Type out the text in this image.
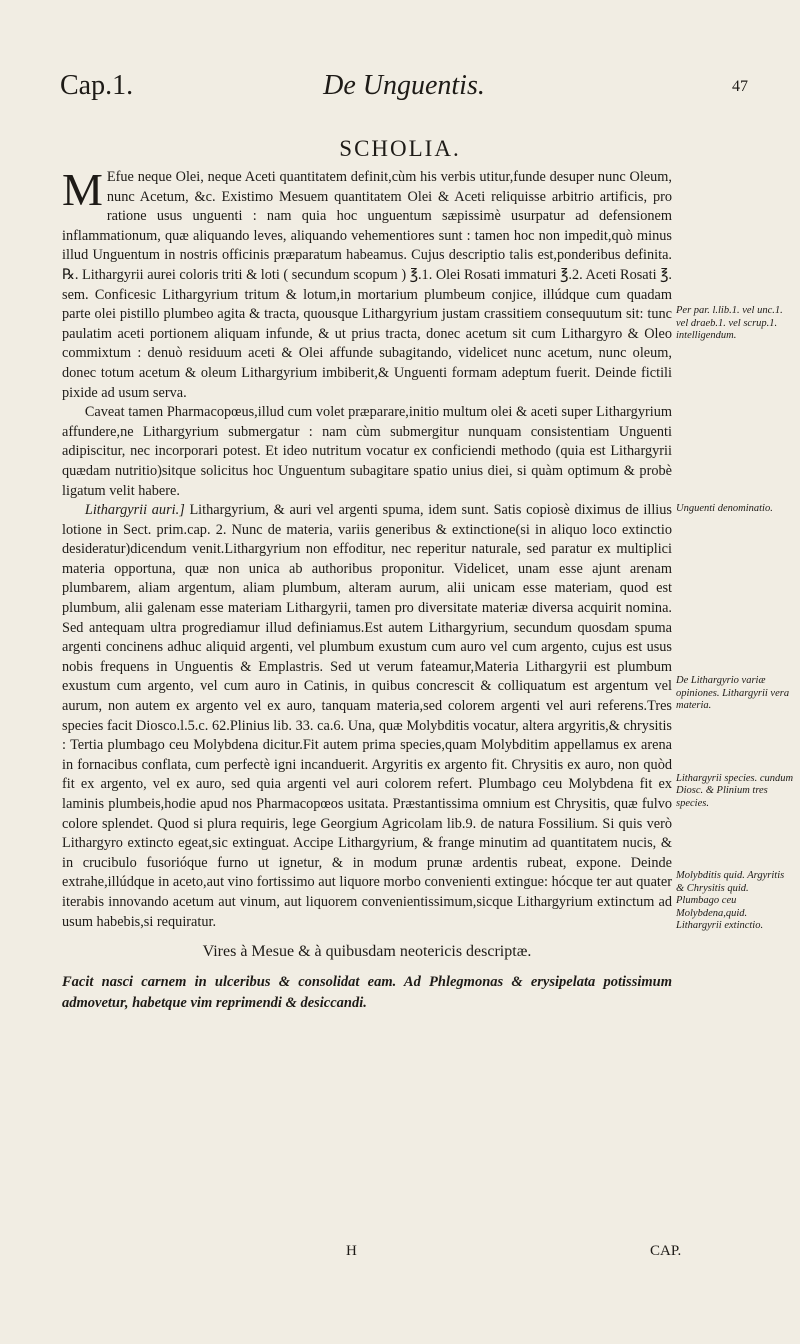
Cap.1.	De Unguentis.	47
SCHOLIA.

M Efue neque Olei, neque Aceti quantitatem definit,cùm his verbis utitur,funde desuper nunc Oleum, nunc Acetum, &c. Existimo Mesuem quantitatem Olei & Aceti reliquisse arbitrio artificis, pro ratione usus unguenti : nam quia hoc unguentum sæpissimè usurpatur ad defensionem inflammationum, quæ aliquando leves, aliquando vehementiores sunt : tamen hoc non impedit,quò minus illud Unguentum in nostris officinis præparatum habeamus. Cujus descriptio talis est,ponderibus definita. ℞. Lithargyrii aurei coloris triti & loti ( secundum scopum ) ℥.1. Olei Rosati immaturi ℥.2. Aceti Rosati ℥. sem. Conficesic Lithargyrium tritum & lotum,in mortarium plumbeum conjice, illúdque cum quadam parte olei pistillo plumbeo agita & tracta, quousque Lithargyrium justam crassitiem consequutum sit: tunc paulatim aceti portionem aliquam infunde, & ut prius tracta, donec acetum sit cum Lithargyro & Oleo commixtum : denuò residuum aceti & Olei affunde subagitando, videlicet nunc acetum, nunc oleum, donec totum acetum & oleum Lithargyrium imbiberit,& Unguenti formam adeptum fuerit. Deinde fictili pixide ad usum serva.

Caveat tamen Pharmacopœus,illud cum volet præparare,initio multum olei & aceti super Lithargyrium affundere,ne Lithargyrium submergatur : nam cùm submergitur nunquam consistentiam Unguenti adipiscitur, nec incorporari potest. Et ideo nutritum vocatur ex conficiendi methodo (quia est Lithargyrii quædam nutritio)sitque solicitus hoc Unguentum subagitare spatio unius diei, si quàm optimum & probè ligatum velit habere.

Lithargyrii auri.] Lithargyrium, & auri vel argenti spuma, idem sunt. Satis copiosè diximus de illius lotione in Sect. prim.cap. 2. Nunc de materia, variis generibus & extinctione(si in aliquo loco extinctio desideratur)dicendum venit.Lithargyrium non effoditur, nec reperitur naturale, sed paratur ex multiplici materia opportuna, quæ non unica ab authoribus proponitur. Videlicet, unam esse ajunt arenam plumbarem, aliam argentum, aliam plumbum, alteram aurum, alii unicam esse materiam, quod est plumbum, alii galenam esse materiam Lithargyrii, tamen pro diversitate materiæ diversa acquirit nomina. Sed antequam ultra progrediamur illud definiamus.Est autem Lithargyrium, secundum quosdam spuma argenti concinens adhuc aliquid argenti, vel plumbum exustum cum auro vel cum argento, cujus est usus nobis frequens in Unguentis & Emplastris. Sed ut verum fateamur,Materia Lithargyrii est plumbum exustum cum argento, vel cum auro in Catinis, in quibus concrescit & colliquatum est argentum vel aurum, non autem ex argento vel ex auro, tanquam materia,sed colorem argenti vel auri referens.Tres species facit Diosco.l.5.c. 62.Plinius lib. 33. ca.6. Una, quæ Molybditis vocatur, altera argyritis,& chrysitis : Tertia plumbago ceu Molybdena dicitur.Fit autem prima species,quam Molybditim appellamus ex arena in fornacibus conflata, cum perfectè igni incanduerit. Argyritis ex argento fit. Chrysitis ex auro, non quòd fit ex argento, vel ex auro, sed quia argenti vel auri colorem refert. Plumbago ceu Molybdena fit ex laminis plumbeis,hodie apud nos Pharmacopœos usitata. Præstantissima omnium est Chrysitis, quæ fulvo colore splendet. Quod si plura requiris, lege Georgium Agricolam lib.9. de natura Fossilium. Si quis verò Lithargyro extincto egeat,sic extinguat. Accipe Lithargyrium, & frange minutim ad quantitatem nucis, & in crucibulo fusorióque furno ut ignetur, & in modum prunæ ardentis rubeat, expone. Deinde extrahe,illúdque in aceto,aut vino fortissimo aut liquore morbo convenienti extingue: hócque ter aut quater iterabis innovando acetum aut vinum, aut liquorem convenientissimum,sicque Lithargyrium extinctum ad usum habebis,si requiratur.

Vires à Mesue & à quibusdam neotericis descriptæ.

Facit nasci carnem in ulceribus & consolidat eam. Ad Phlegmonas & erysipelata potissimum admovetur, habetque vim reprimendi & desiccandi.

Per par. l.lib.1. vel unc.1. vel draeb.1. vel scrup.1. intelligendum.
Unguenti denominatio.
De Lithargyrio variæ opiniones. Lithargyrii vera materia.
Lithargyrii species. cundum Diosc. & Plinium tres species.
Molybditis quid. Argyritis & Chrysitis quid. Plumbago ceu Molybdena,quid. Lithargyrii extinctio.
H	CAP.
